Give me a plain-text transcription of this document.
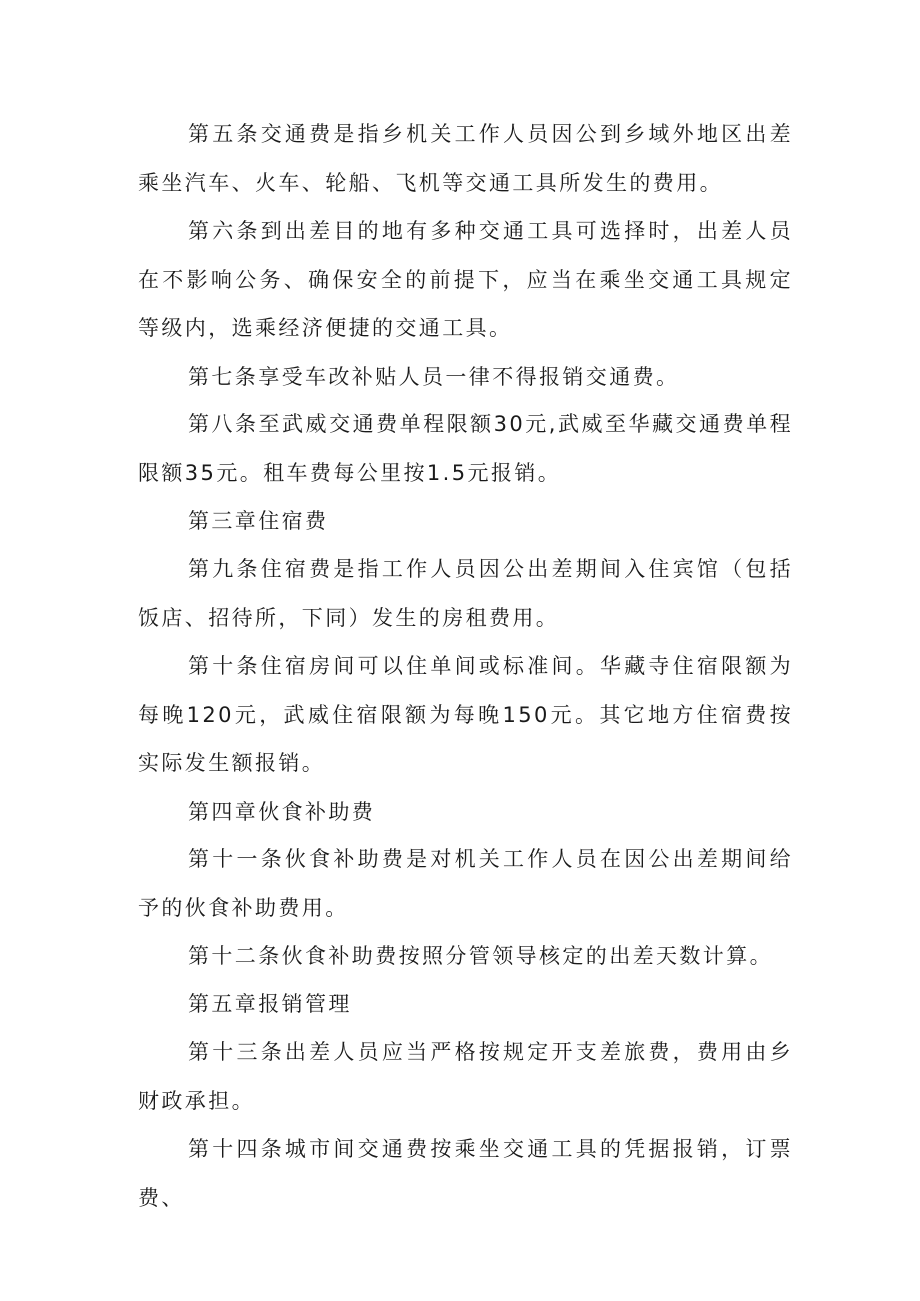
第五条交通费是指乡机关工作人员因公到乡域外地区出差乘坐汽车、火车、轮船、飞机等交通工具所发生的费用。

第六条到出差目的地有多种交通工具可选择时，出差人员在不影响公务、确保安全的前提下，应当在乘坐交通工具规定等级内，选乘经济便捷的交通工具。

第七条享受车改补贴人员一律不得报销交通费。

第八条至武威交通费单程限额30元,武威至华藏交通费单程限额35元。租车费每公里按1.5元报销。

第三章住宿费

第九条住宿费是指工作人员因公出差期间入住宾馆（包括饭店、招待所，下同）发生的房租费用。

第十条住宿房间可以住单间或标准间。华藏寺住宿限额为每晚120元，武威住宿限额为每晚150元。其它地方住宿费按实际发生额报销。

第四章伙食补助费

第十一条伙食补助费是对机关工作人员在因公出差期间给予的伙食补助费用。

第十二条伙食补助费按照分管领导核定的出差天数计算。

第五章报销管理

第十三条出差人员应当严格按规定开支差旅费，费用由乡财政承担。

第十四条城市间交通费按乘坐交通工具的凭据报销，订票费、
